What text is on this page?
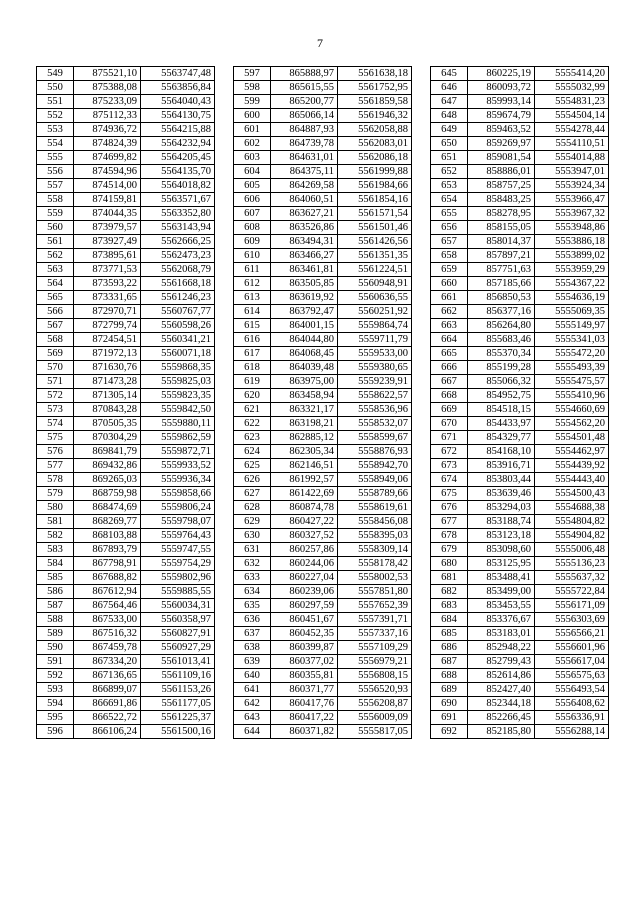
7
549	875521,10	5563747,48
550	875388,08	5563856,84
551	875233,09	5564040,43
552	875112,33	5564130,75
553	874936,72	5564215,88
554	874824,39	5564232,94
555	874699,82	5564205,45
556	874594,96	5564135,70
557	874514,00	5564018,82
558	874159,81	5563571,67
559	874044,35	5563352,80
560	873979,57	5563143,94
561	873927,49	5562666,25
562	873895,61	5562473,23
563	873771,53	5562068,79
564	873593,22	5561668,18
565	873331,65	5561246,23
566	872970,71	5560767,77
567	872799,74	5560598,26
568	872454,51	5560341,21
569	871972,13	5560071,18
570	871630,76	5559868,35
571	871473,28	5559825,03
572	871305,14	5559823,35
573	870843,28	5559842,50
574	870505,35	5559880,11
575	870304,29	5559862,59
576	869841,79	5559872,71
577	869432,86	5559933,52
578	869265,03	5559936,34
579	868759,98	5559858,66
580	868474,69	5559806,24
581	868269,77	5559798,07
582	868103,88	5559764,43
583	867893,79	5559747,55
584	867798,91	5559754,29
585	867688,82	5559802,96
586	867612,94	5559885,55
587	867564,46	5560034,31
588	867533,00	5560358,97
589	867516,32	5560827,91
590	867459,78	5560927,29
591	867334,20	5561013,41
592	867136,65	5561109,16
593	866899,07	5561153,26
594	866691,86	5561177,05
595	866522,72	5561225,37
596	866106,24	5561500,16
597	865888,97	5561638,18
598	865615,55	5561752,95
599	865200,77	5561859,58
600	865066,14	5561946,32
601	864887,93	5562058,88
602	864739,78	5562083,01
603	864631,01	5562086,18
604	864375,11	5561999,88
605	864269,58	5561984,66
606	864060,51	5561854,16
607	863627,21	5561571,54
608	863526,86	5561501,46
609	863494,31	5561426,56
610	863466,27	5561351,35
611	863461,81	5561224,51
612	863505,85	5560948,91
613	863619,92	5560636,55
614	863792,47	5560251,92
615	864001,15	5559864,74
616	864044,80	5559711,79
617	864068,45	5559533,00
618	864039,48	5559380,65
619	863975,00	5559239,91
620	863458,94	5558622,57
621	863321,17	5558536,96
622	863198,21	5558532,07
623	862885,12	5558599,67
624	862305,34	5558876,93
625	862146,51	5558942,70
626	861992,57	5558949,06
627	861422,69	5558789,66
628	860874,78	5558619,61
629	860427,22	5558456,08
630	860327,52	5558395,03
631	860257,86	5558309,14
632	860244,06	5558178,42
633	860227,04	5558002,53
634	860239,06	5557851,80
635	860297,59	5557652,39
636	860451,67	5557391,71
637	860452,35	5557337,16
638	860399,87	5557109,29
639	860377,02	5556979,21
640	860355,81	5556808,15
641	860371,77	5556520,93
642	860417,76	5556208,87
643	860417,22	5556009,09
644	860371,82	5555817,05
645	860225,19	5555414,20
646	860093,72	5555032,99
647	859993,14	5554831,23
648	859674,79	5554504,14
649	859463,52	5554278,44
650	859269,97	5554110,51
651	859081,54	5554014,88
652	858886,01	5553947,01
653	858757,25	5553924,34
654	858483,25	5553966,47
655	858278,95	5553967,32
656	858155,05	5553948,86
657	858014,37	5553886,18
658	857897,21	5553899,02
659	857751,63	5553959,29
660	857185,66	5554367,22
661	856850,53	5554636,19
662	856377,16	5555069,35
663	856264,80	5555149,97
664	855683,46	5555341,03
665	855370,34	5555472,20
666	855199,28	5555493,39
667	855066,32	5555475,57
668	854952,75	5555410,96
669	854518,15	5554660,69
670	854433,97	5554562,20
671	854329,77	5554501,48
672	854168,10	5554462,97
673	853916,71	5554439,92
674	853803,44	5554443,40
675	853639,46	5554500,43
676	853294,03	5554688,38
677	853188,74	5554804,82
678	853123,18	5554904,82
679	853098,60	5555006,48
680	853125,95	5555136,23
681	853488,41	5555637,32
682	853499,00	5555722,84
683	853453,55	5556171,09
684	853376,67	5556303,69
685	853183,01	5556566,21
686	852948,22	5556601,96
687	852799,43	5556617,04
688	852614,86	5556575,63
689	852427,40	5556493,54
690	852344,18	5556408,62
691	852266,45	5556336,91
692	852185,80	5556288,14
